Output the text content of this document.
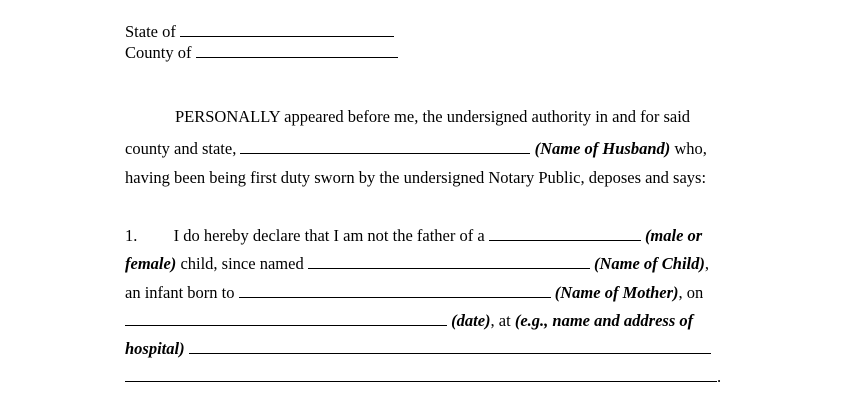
State of
County of
PERSONALLY appeared before me, the undersigned authority in and for said
county and state,	(Name of Husband) who,
having been being first duty sworn by the undersigned Notary Public, deposes and says:
1. I do hereby declare that I am not the father of a	(male or
female) child, since named	(Name of Child),
an infant born to	(Name of Mother), on
(date), at (e.g., name and address of
hospital)
.
